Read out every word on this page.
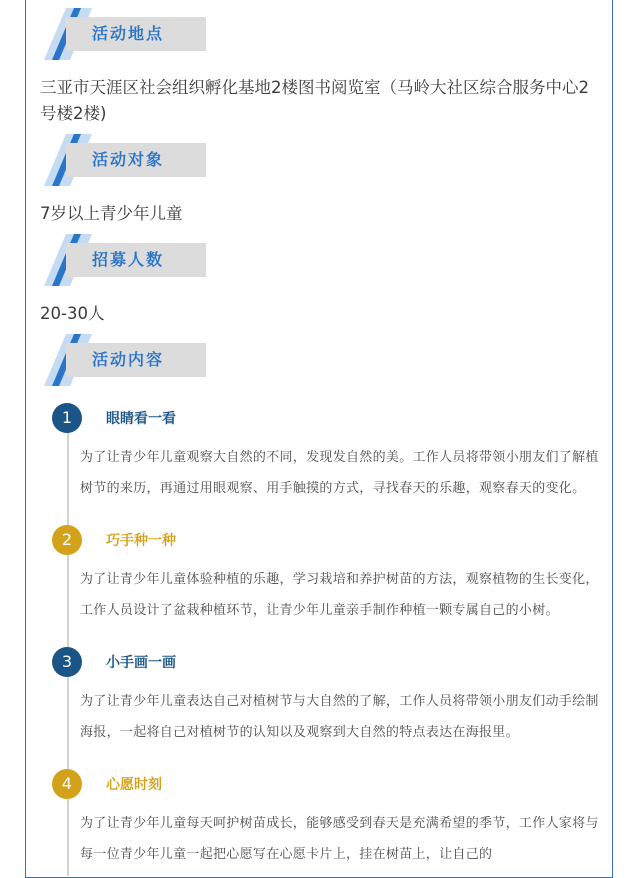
活动地点
三亚市天涯区社会组织孵化基地2楼图书阅览室（马岭大社区综合服务中心2号楼2楼)
活动对象
7岁以上青少年儿童
招募人数
20-30人
活动内容
1	眼睛看一看
为了让青少年儿童观察大自然的不同，发现发自然的美。工作人员将带领小朋友们了解植树节的来历，再通过用眼观察、用手触摸的方式，寻找春天的乐趣，观察春天的变化。
2	巧手种一种
为了让青少年儿童体验种植的乐趣，学习栽培和养护树苗的方法，观察植物的生长变化，工作人员设计了盆栽种植环节，让青少年儿童亲手制作种植一颗专属自己的小树。
3	小手画一画
为了让青少年儿童表达自己对植树节与大自然的了解，工作人员将带领小朋友们动手绘制海报，一起将自己对植树节的认知以及观察到大自然的特点表达在海报里。
4	心愿时刻
为了让青少年儿童每天呵护树苗成长，能够感受到春天是充满希望的季节，工作人家将与每一位青少年儿童一起把心愿写在心愿卡片上，挂在树苗上，让自己的
